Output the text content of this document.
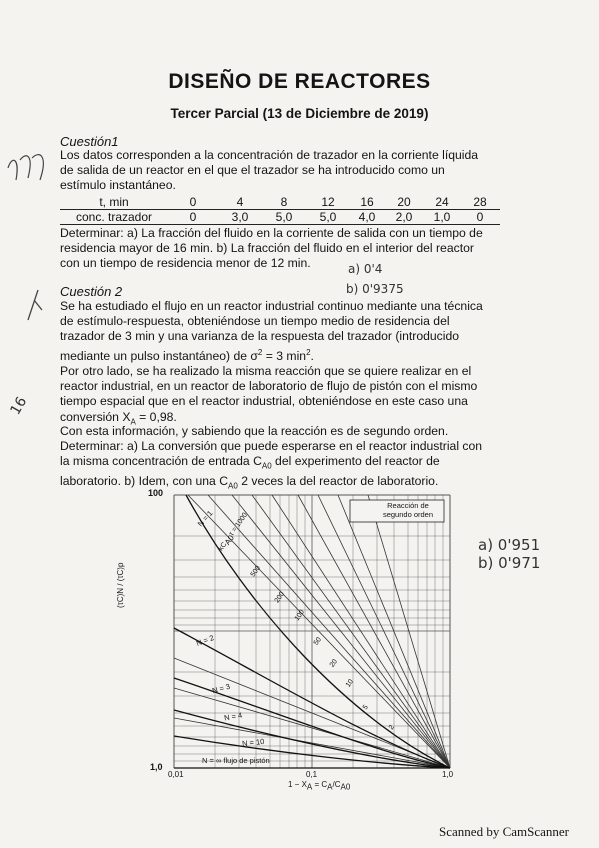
DISEÑO DE REACTORES
Tercer Parcial (13 de Diciembre de 2019)
16
Cuestión1
Los datos corresponden a la concentración de trazador en la corriente líquida
de salida de un reactor en el que el trazador se ha introducido como un
estímulo instantáneo.
t, min	0	4	8	12	16	20	24	28
conc. trazador	0	3,0	5,0	5,0	4,0	2,0	1,0	0
Determinar: a) La fracción del fluido en la corriente de salida con un tiempo de
residencia mayor de 16 min. b) La fracción del fluido en el interior del reactor
con un tiempo de residencia menor de 12 min.	a) 0'4
b) 0'9375
Cuestión 2
Se ha estudiado el flujo en un reactor industrial continuo mediante una técnica
de estímulo-respuesta, obteniéndose un tiempo medio de residencia del
trazador de 3 min y una varianza de la respuesta del trazador (introducido
mediante un pulso instantáneo) de $\sigma^2 = 3$ $\min^2$.
Por otro lado, se ha realizado la misma reacción que se quiere realizar en el
reactor industrial, en un reactor de laboratorio de flujo de pistón con el mismo
tiempo espacial que en el reactor industrial, obteniéndose en este caso una
conversión $X_A = 0,98$.
Con esta información, y sabiendo que la reacción es de segundo orden.
Determinar: a) La conversión que puede esperarse en el reactor industrial con
la misma concentración de entrada $C_{A0}$ del experimento del reactor de
laboratorio. b) Idem, con una $C_{A0}$ 2 veces la del reactor de laboratorio.
a) 0'951
b) 0'971
Reacción de
segundo orden
100
1,0
0,01	0,1	1,0
$1 - X_A = C_A/C_{A0}$
(τC)N / (τC)p
N = 1
N = 2
N = 3
N = 4
N = 10
N = ∞ flujo de pistón
$kC_{A0}\tau = 1000$
500
200
100
50
20
10
5
2
Scanned by CamScanner
